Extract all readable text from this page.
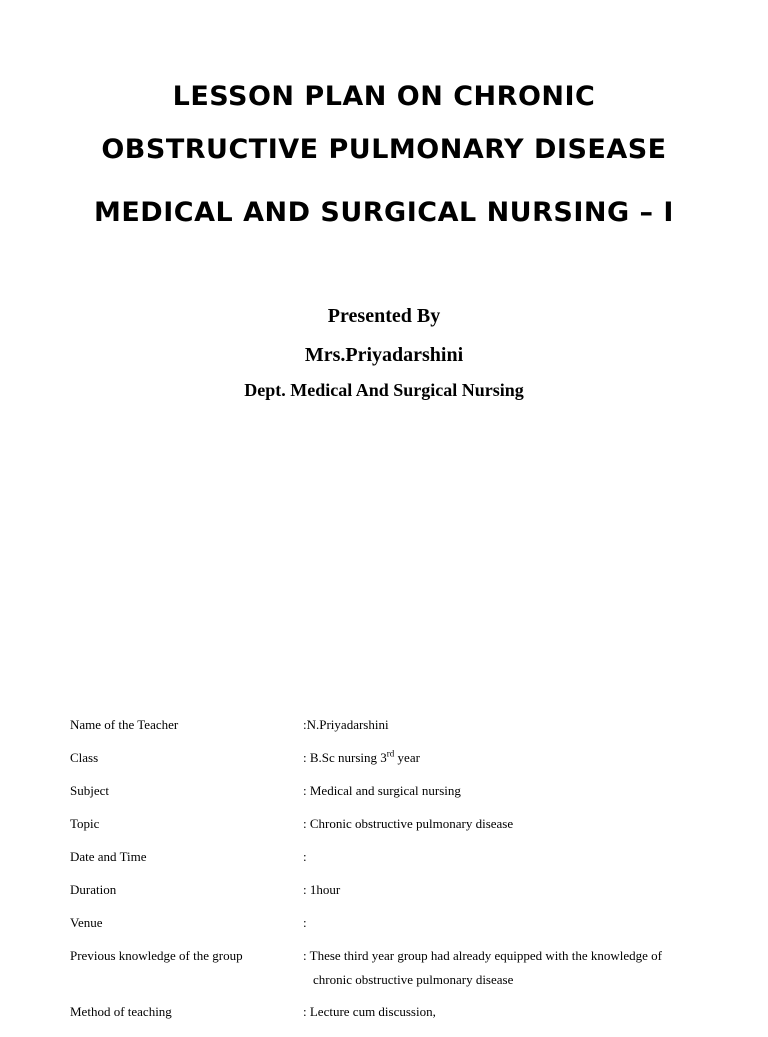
LESSON PLAN ON CHRONIC
OBSTRUCTIVE PULMONARY DISEASE
MEDICAL AND SURGICAL NURSING – I
Presented By
Mrs.Priyadarshini
Dept. Medical And Surgical Nursing
Name of the Teacher	:N.Priyadarshini
Class	: B.Sc nursing 3rd year
Subject	: Medical and surgical nursing
Topic	: Chronic obstructive pulmonary disease
Date and Time	:
Duration	: 1hour
Venue	:
Previous knowledge of the group	: These third year group had already equipped with the knowledge of
chronic obstructive pulmonary disease
Method of teaching	: Lecture cum discussion,
